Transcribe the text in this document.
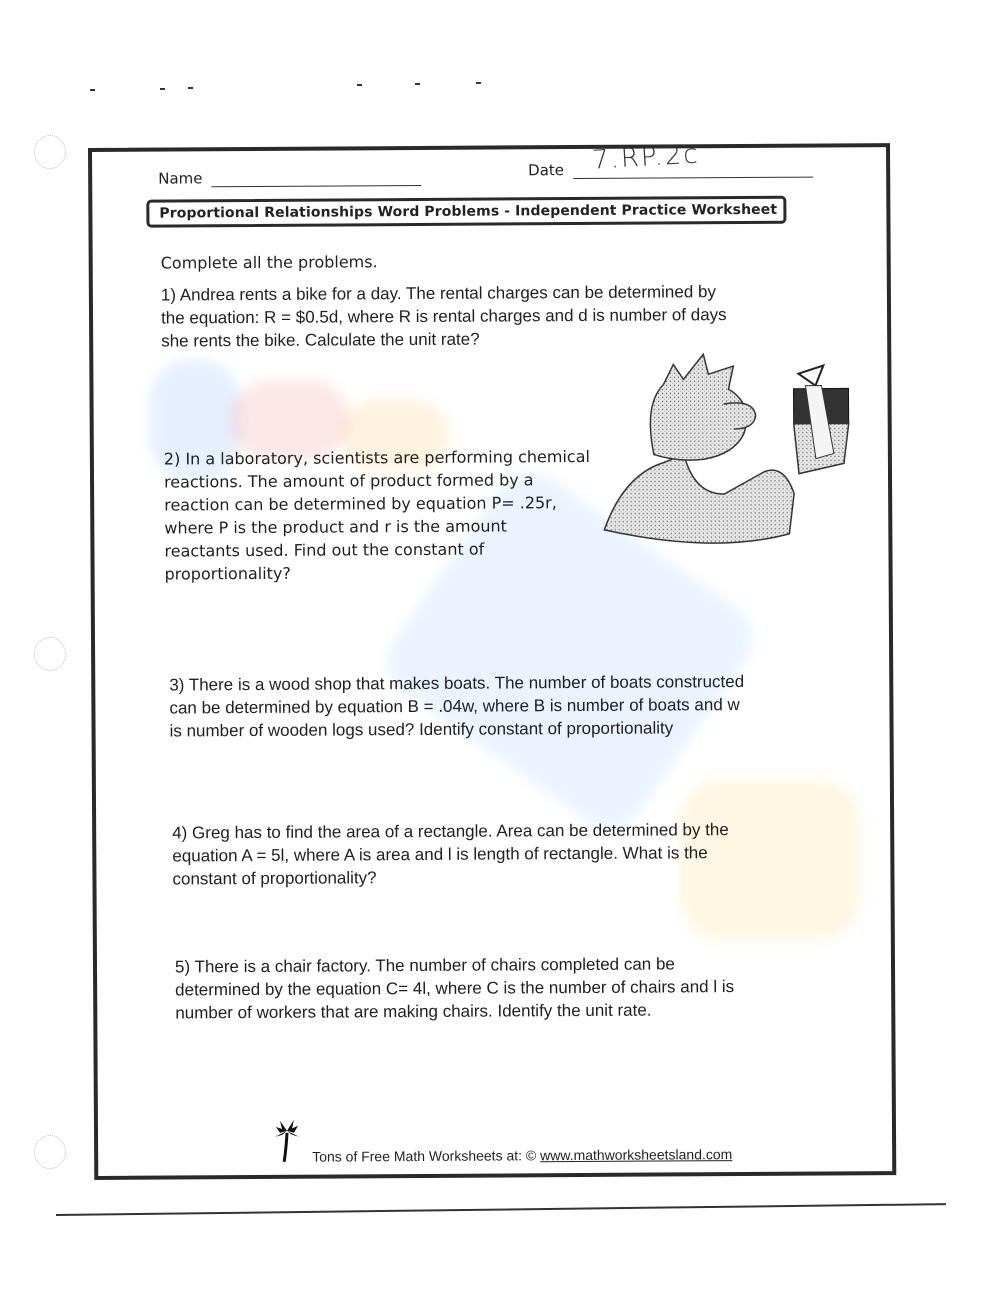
Name	Date	7.RP.2c
Proportional Relationships Word Problems - Independent Practice Worksheet
Complete all the problems.

1) Andrea rents a bike for a day. The rental charges can be determined by

the equation: R = $0.5d, where R is rental charges and d is number of days

she rents the bike. Calculate the unit rate?

2) In a laboratory, scientists are performing chemical

reactions. The amount of product formed by a

reaction can be determined by equation P= .25r,

where P is the product and r is the amount

reactants used. Find out the constant of

proportionality?

3) There is a wood shop that makes boats. The number of boats constructed

can be determined by equation B = .04w, where B is number of boats and w

is number of wooden logs used? Identify constant of proportionality

4) Greg has to find the area of a rectangle. Area can be determined by the

equation A = 5l, where A is area and l is length of rectangle. What is the

constant of proportionality?

5) There is a chair factory. The number of chairs completed can be

determined by the equation C= 4l, where C is the number of chairs and l is

number of workers that are making chairs. Identify the unit rate.

Tons of Free Math Worksheets at: © www.mathworksheetsland.com
